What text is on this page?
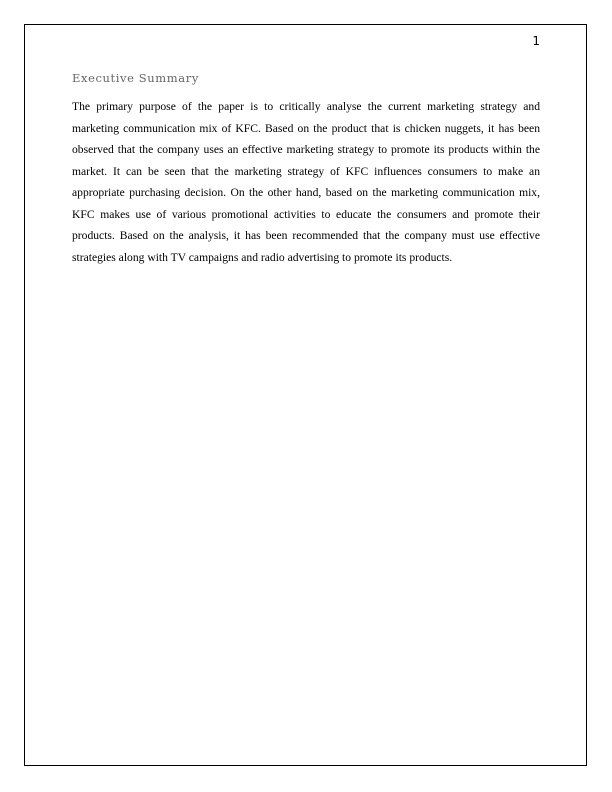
1
Executive Summary

The primary purpose of the paper is to critically analyse the current marketing strategy and marketing communication mix of KFC. Based on the product that is chicken nuggets, it has been observed that the company uses an effective marketing strategy to promote its products within the market. It can be seen that the marketing strategy of KFC influences consumers to make an appropriate purchasing decision. On the other hand, based on the marketing communication mix, KFC makes use of various promotional activities to educate the consumers and promote their products. Based on the analysis, it has been recommended that the company must use effective strategies along with TV campaigns and radio advertising to promote its products.
